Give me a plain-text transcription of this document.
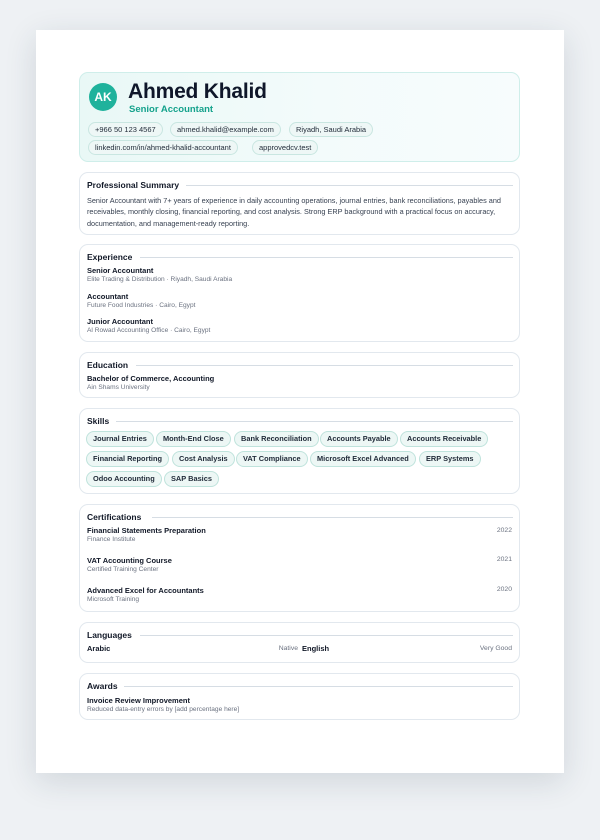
AK Ahmed Khalid
Senior Accountant
+966 50 123 4567	ahmed.khalid@example.com	Riyadh, Saudi Arabia
linkedin.com/in/ahmed-khalid-accountant	approvedcv.test
Professional Summary
Senior Accountant with 7+ years of experience in daily accounting operations, journal entries, bank reconciliations, payables and receivables, monthly closing, financial reporting, and cost analysis. Strong ERP background with a practical focus on accuracy, documentation, and management-ready reporting.
Experience
Senior Accountant
Elite Trading & Distribution · Riyadh, Saudi Arabia
Accountant
Future Food Industries · Cairo, Egypt
Junior Accountant
Al Rowad Accounting Office · Cairo, Egypt
Education
Bachelor of Commerce, Accounting
Ain Shams University
Skills
Journal Entries	Month-End Close	Bank Reconciliation	Accounts Payable	Accounts Receivable
Financial Reporting	Cost Analysis	VAT Compliance	Microsoft Excel Advanced	ERP Systems
Odoo Accounting	SAP Basics
Certifications
Financial Statements Preparation
Finance Institute
2022
VAT Accounting Course
Certified Training Center
2021
Advanced Excel for Accountants
Microsoft Training
2020
Languages
Arabic	Native English	Very Good
Awards
Invoice Review Improvement
Reduced data-entry errors by [add percentage here]
